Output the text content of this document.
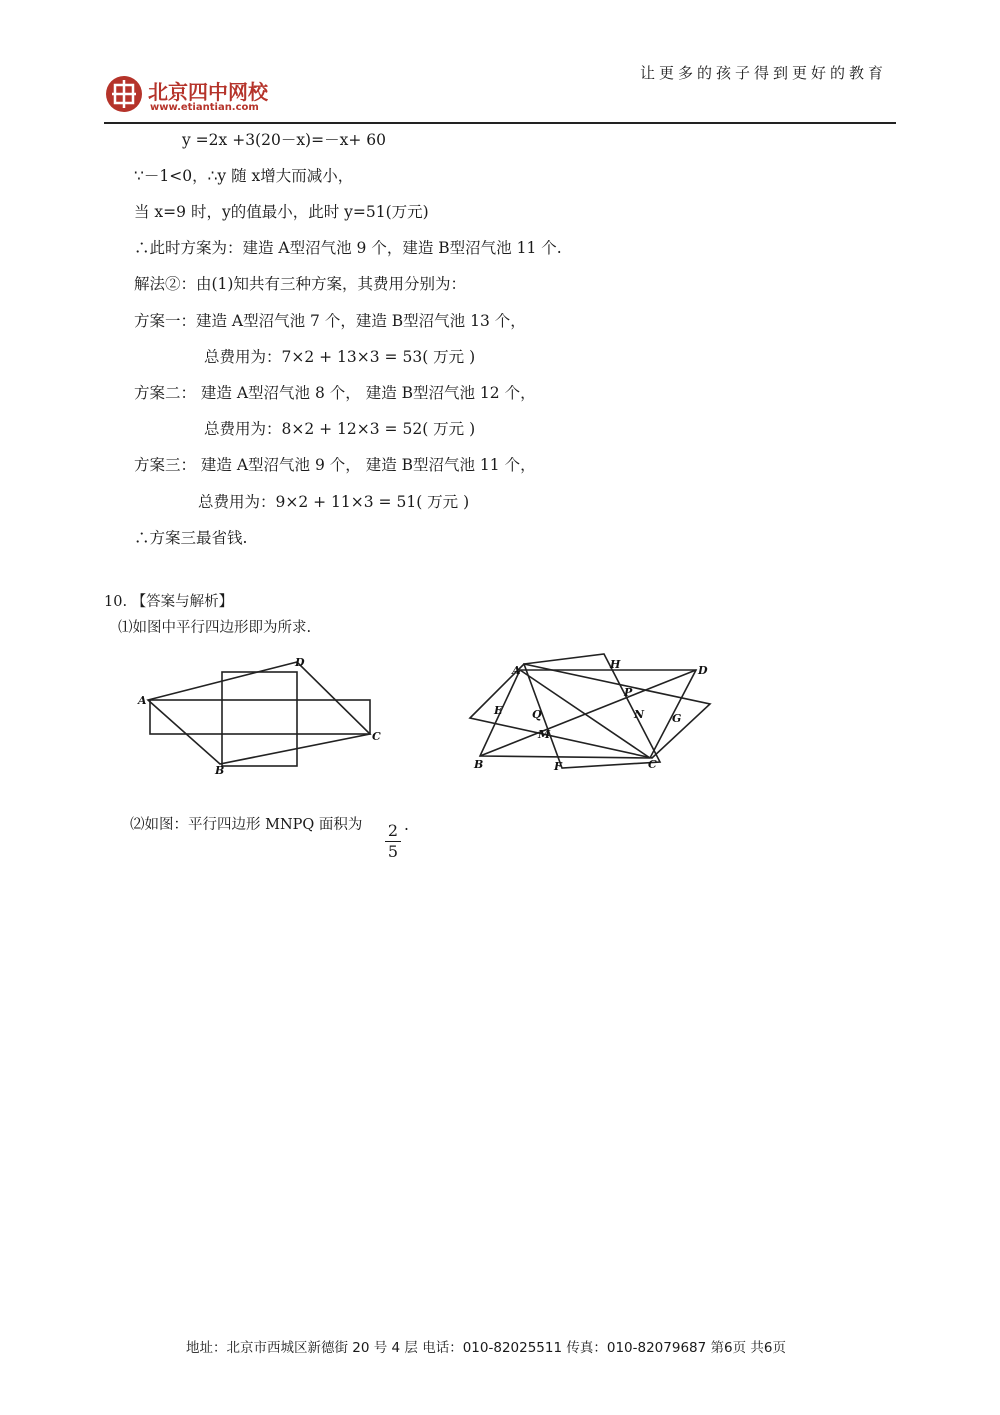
北京四中网校
www.etiantian.com
让更多的孩子得到更好的教育
y =2x +3(20－x)=－x+ 60
∵－1<0，∴y 随 x增大而减小，
当 x=9 时，y的值最小，此时 y=51(万元)
∴此时方案为：建造 A型沼气池 9 个，建造 B型沼气池 11 个.
解法②：由(1)知共有三种方案，其费用分别为：
方案一：建造 A型沼气池 7 个，建造 B型沼气池 13 个，
总费用为：7×2 + 13×3 = 53( 万元 )
方案二： 建造 A型沼气池 8 个， 建造 B型沼气池 12 个，
总费用为：8×2 + 12×3 = 52( 万元 )
方案三： 建造 A型沼气池 9 个， 建造 B型沼气池 11 个，
总费用为：9×2 + 11×3 = 51( 万元 )
∴方案三最省钱.
10. 【答案与解析】
⑴如图中平行四边形即为所求.
D
A
C
B
A	H	D
P
E	Q	N	G
M
B	F	C
⑵如图：平行四边形 MNPQ 面积为 2
5
.
地址：北京市西城区新德街 20 号 4 层 电话：010-82025511 传真：010-82079687 第6页 共6页
